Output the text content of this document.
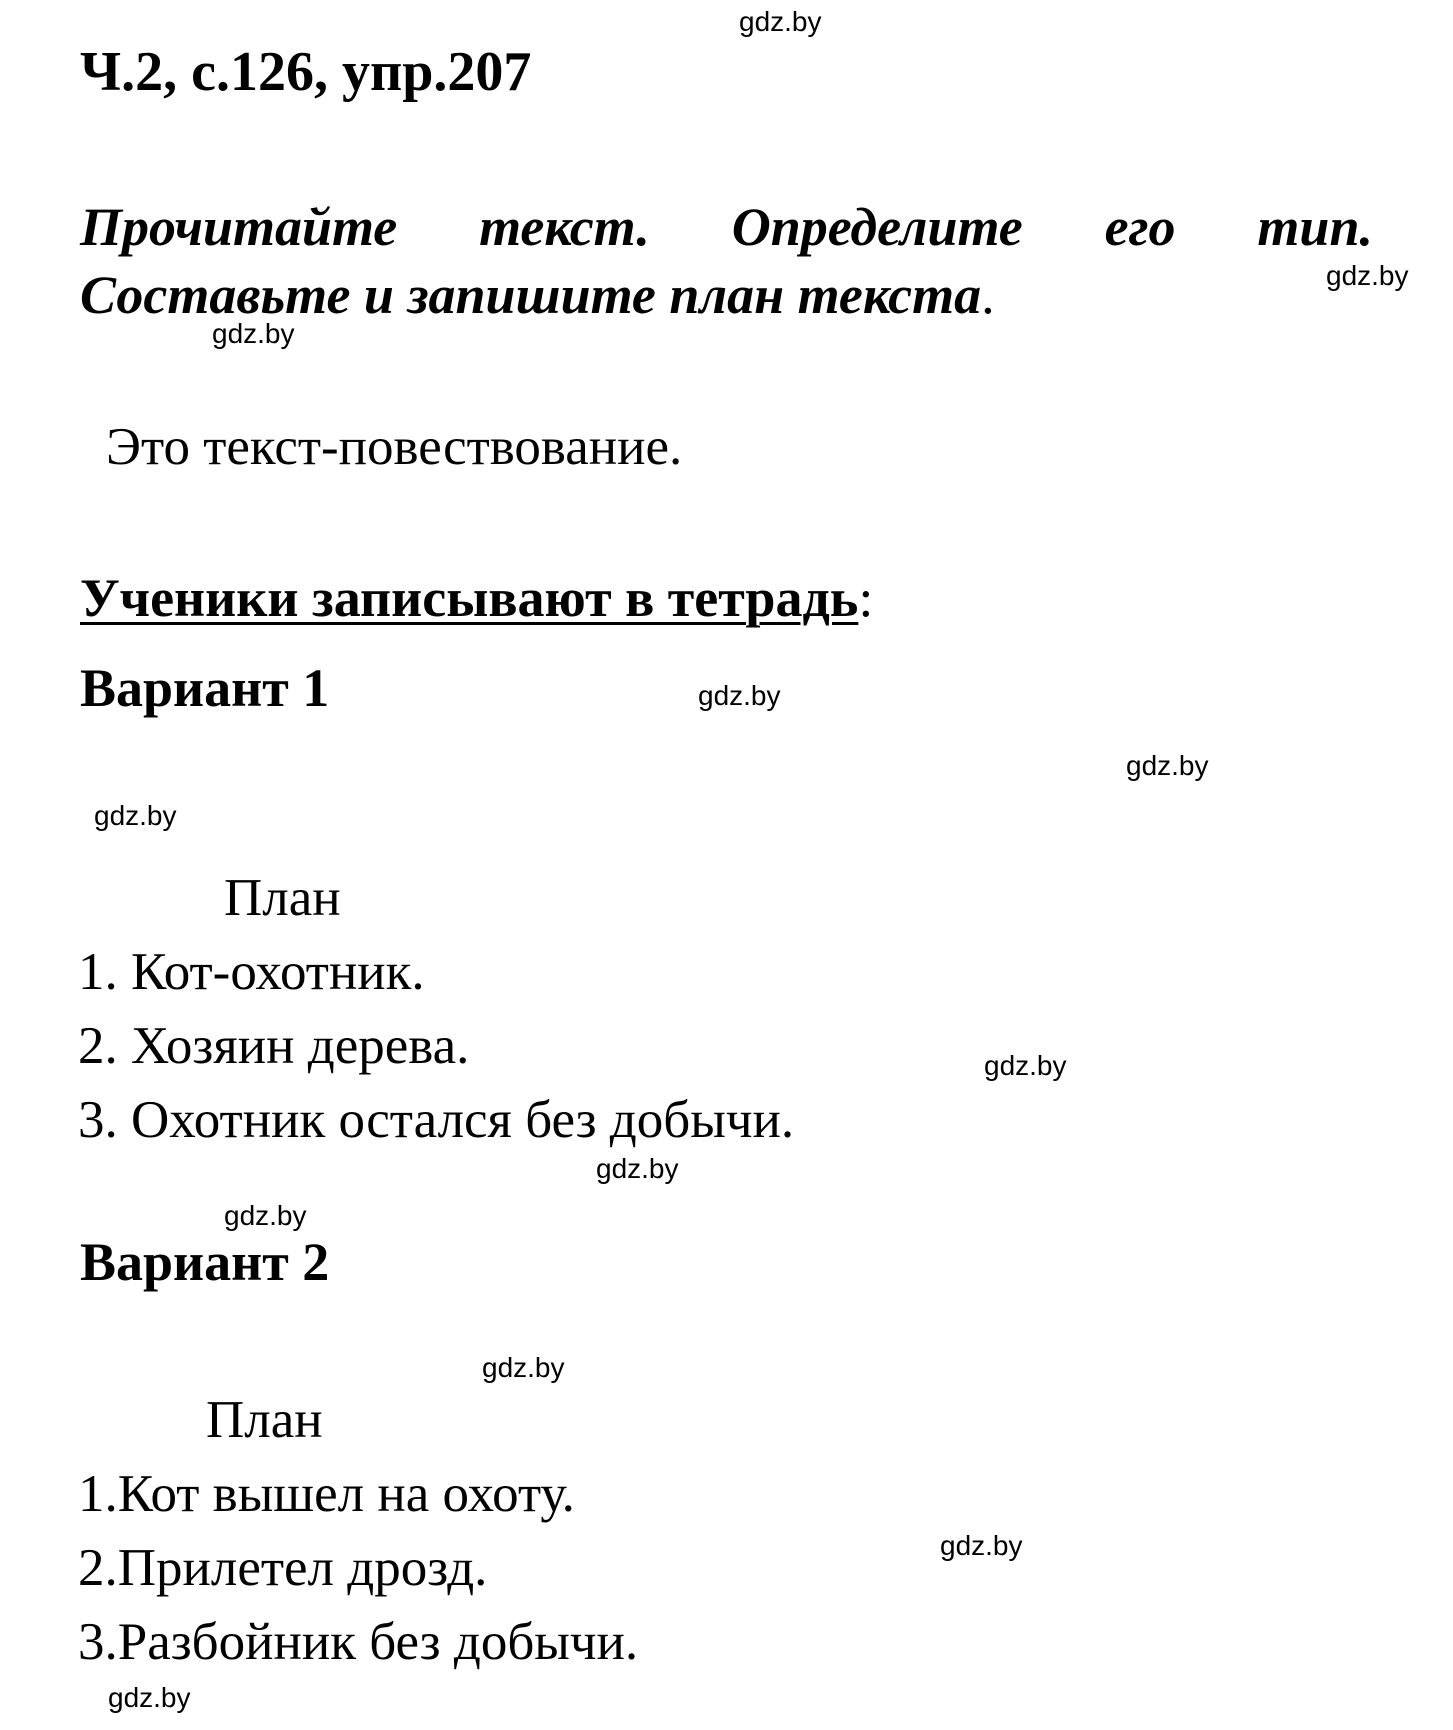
Ч.2, с.126, упр.207
Прочитайте текст. Определите его тип.
Составьте и запишите план текста.
Это текст-повествование.
Ученики записывают в тетрадь:
Вариант 1
План
1. Кот-охотник.
2. Хозяин дерева.
3. Охотник остался без добычи.
Вариант 2
План
1.Кот вышел на охоту.
2.Прилетел дрозд.
3.Разбойник без добычи.
gdz.by
gdz.by
gdz.by
gdz.by
gdz.by
gdz.by
gdz.by
gdz.by
gdz.by
gdz.by
gdz.by
gdz.by
